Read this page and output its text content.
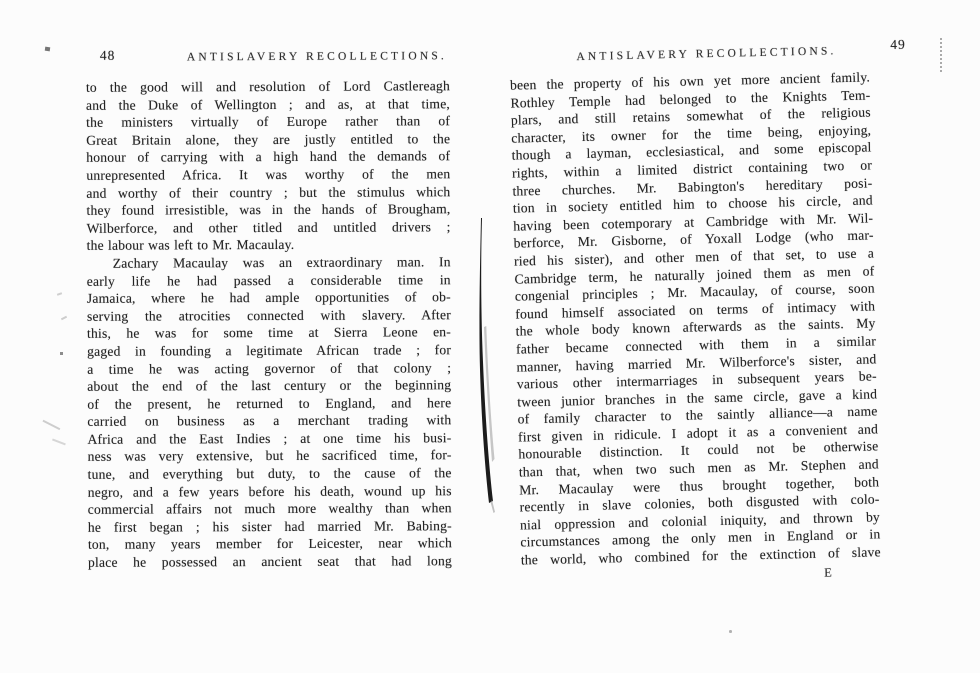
48	ANTISLAVERY RECOLLECTIONS.
to the good will and resolution of Lord Castlereagh
and the Duke of Wellington ; and as, at that time,
the ministers virtually of Europe rather than of
Great Britain alone, they are justly entitled to the
honour of carrying with a high hand the demands of
unrepresented Africa. It was worthy of the men
and worthy of their country ; but the stimulus which
they found irresistible, was in the hands of Brougham,
Wilberforce, and other titled and untitled drivers ;
the labour was left to Mr. Macaulay.
Zachary Macaulay was an extraordinary man. In
early life he had passed a considerable time in
Jamaica, where he had ample opportunities of ob-
serving the atrocities connected with slavery. After
this, he was for some time at Sierra Leone en-
gaged in founding a legitimate African trade ; for
a time he was acting governor of that colony ;
about the end of the last century or the beginning
of the present, he returned to England, and here
carried on business as a merchant trading with
Africa and the East Indies ; at one time his busi-
ness was very extensive, but he sacrificed time, for-
tune, and everything but duty, to the cause of the
negro, and a few years before his death, wound up his
commercial affairs not much more wealthy than when
he first began ; his sister had married Mr. Babing-
ton, many years member for Leicester, near which
place he possessed an ancient seat that had long
ANTISLAVERY RECOLLECTIONS.
49
been the property of his own yet more ancient family.
Rothley Temple had belonged to the Knights Tem-
plars, and still retains somewhat of the religious
character, its owner for the time being, enjoying,
though a layman, ecclesiastical, and some episcopal
rights, within a limited district containing two or
three churches. Mr. Babington's hereditary posi-
tion in society entitled him to choose his circle, and
having been cotemporary at Cambridge with Mr. Wil-
berforce, Mr. Gisborne, of Yoxall Lodge (who mar-
ried his sister), and other men of that set, to use a
Cambridge term, he naturally joined them as men of
congenial principles ; Mr. Macaulay, of course, soon
found himself associated on terms of intimacy with
the whole body known afterwards as the saints. My
father became connected with them in a similar
manner, having married Mr. Wilberforce's sister, and
various other intermarriages in subsequent years be-
tween junior branches in the same circle, gave a kind
of family character to the saintly alliance—a name
first given in ridicule. I adopt it as a convenient and
honourable distinction. It could not be otherwise
than that, when two such men as Mr. Stephen and
Mr. Macaulay were thus brought together, both
recently in slave colonies, both disgusted with colo-
nial oppression and colonial iniquity, and thrown by
circumstances among the only men in England or in
the world, who combined for the extinction of slave
E
